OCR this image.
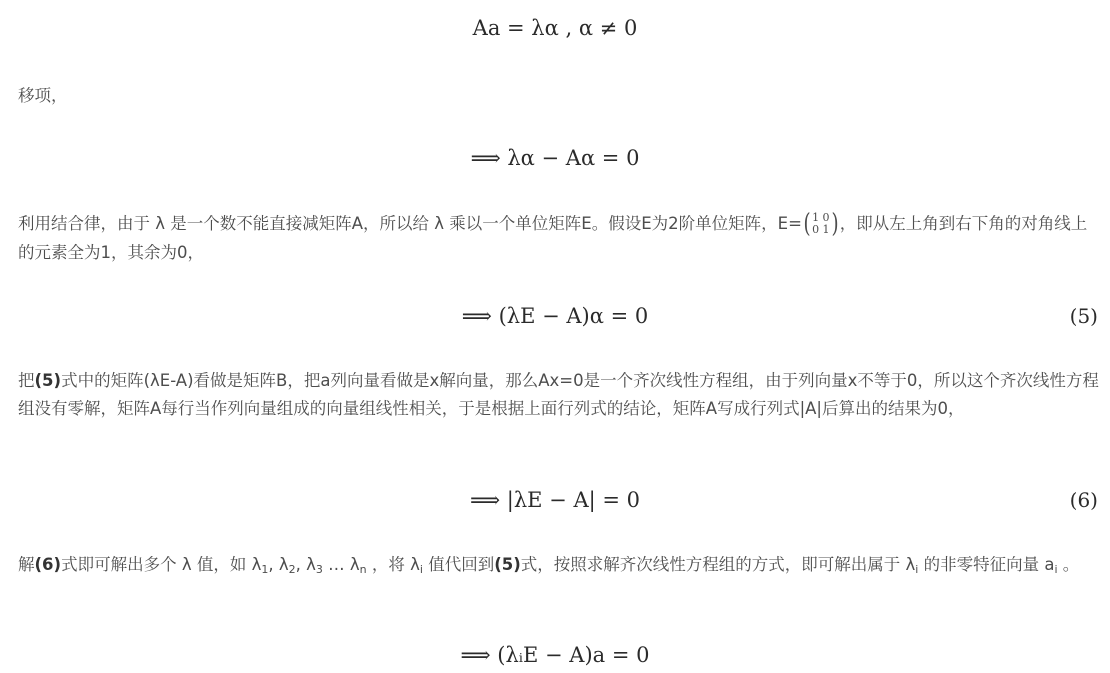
Aa = λα , α ≠ 0
移项，
⟹ λα − Aα = 0
利用结合律，由于 λ 是一个数不能直接减矩阵A，所以给 λ 乘以一个单位矩阵E。假设E为2阶单位矩阵，E=( 1 0
0 1)，即从左上角到右下角的对角线上的元素全为1，其余为0，
⟹ (λE − A)α = 0	(5)
把(5)式中的矩阵(λE-A)看做是矩阵B，把a列向量看做是x解向量，那么Ax=0是一个齐次线性方程组，由于列向量x不等于0，所以这个齐次线性方程组没有零解，矩阵A每行当作列向量组成的向量组线性相关，于是根据上面行列式的结论，矩阵A写成行列式|A|后算出的结果为0，
⟹ |λE − A| = 0	(6)
解(6)式即可解出多个 λ 值，如 $\lambda_1$, $\lambda_2$, $\lambda_3$ … $\lambda_n$ ，将 $\lambda_i$ 值代回到(5)式，按照求解齐次线性方程组的方式，即可解出属于 $\lambda_i$ 的非零特征向量 $a_i$ 。
⟹ (λᵢE − A)a = 0
